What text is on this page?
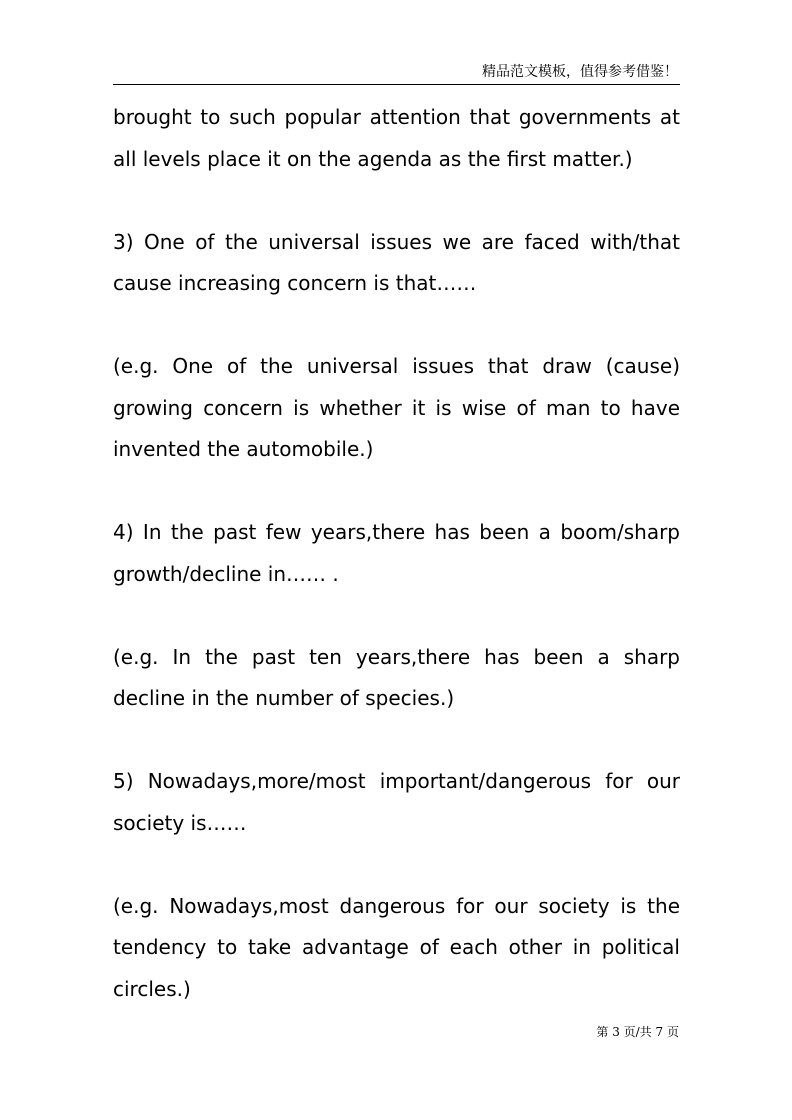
精品范文模板，值得参考借鉴！

brought to such popular attention that governments at all levels place it on the agenda as the first matter.)

3) One of the universal issues we are faced with/that cause increasing concern is that……

(e.g. One of the universal issues that draw (cause) growing concern is whether it is wise of man to have invented the automobile.)

4) In the past few years,there has been a boom/sharp growth/decline in…… .

(e.g. In the past ten years,there has been a sharp decline in the number of species.)

5) Nowadays,more/most important/dangerous for our society is……

(e.g. Nowadays,most dangerous for our society is the tendency to take advantage of each other in political circles.)

第 3 页/共 7 页
